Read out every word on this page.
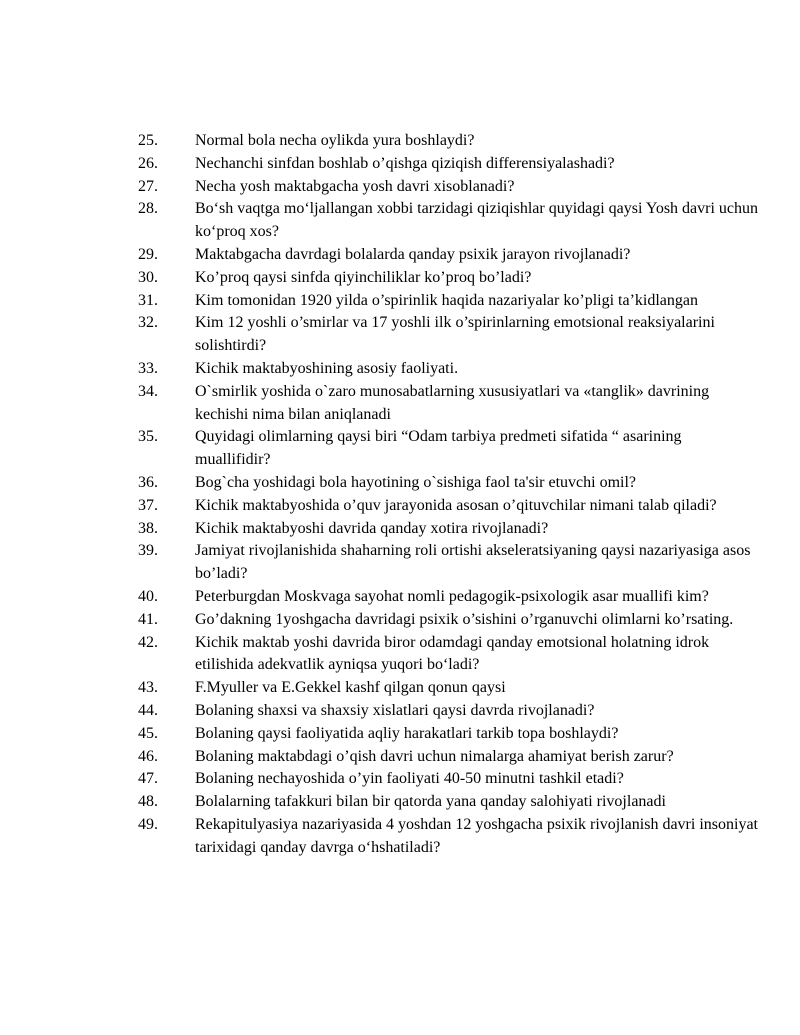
25.	Normal bola necha oylikda yura boshlaydi?
26.	Nechanchi sinfdan boshlab o’qishga qiziqish differensiyalashadi?
27.	Necha yosh maktabgacha yosh davri xisoblanadi?
28.	Bo‘sh vaqtga mo‘ljallangan xobbi tarzidagi qiziqishlar quyidagi qaysi Yosh davri uchun ko‘proq xos?
29.	Maktabgacha davrdagi bolalarda qanday psixik jarayon rivojlanadi?
30.	Ko’proq qaysi sinfda qiyinchiliklar ko’proq bo’ladi?
31.	Kim tomonidan 1920 yilda o’spirinlik haqida nazariyalar ko’pligi ta’kidlangan
32.	Kim 12 yoshli o’smirlar va 17 yoshli ilk o’spirinlarning emotsional reaksiyalarini solishtirdi?
33.	Kichik maktabyoshining asosiy faoliyati.
34.	O`smirlik yoshida o`zaro munosabatlarning xususiyatlari va «tanglik» davrining kechishi nima bilan aniqlanadi
35.	Quyidagi olimlarning qaysi biri “Odam tarbiya predmeti sifatida “ asarining muallifidir?
36.	Bog`cha yoshidagi bola hayotining o`sishiga faol ta'sir etuvchi omil?
37.	Kichik maktabyoshida o’quv jarayonida asosan o’qituvchilar nimani talab qiladi?
38.	Kichik maktabyoshi davrida qanday xotira rivojlanadi?
39.	Jamiyat rivojlanishida shaharning roli ortishi akseleratsiyaning qaysi nazariyasiga asos bo’ladi?
40.	Peterburgdan Moskvaga sayohat nomli pedagogik-psixologik asar muallifi kim?
41.	Go’dakning 1yoshgacha davridagi psixik o’sishini o’rganuvchi olimlarni ko’rsating.
42.	Kichik maktab yoshi davrida biror odamdagi qanday emotsional holatning idrok etilishida adekvatlik ayniqsa yuqori bo‘ladi?
43.	F.Myuller va E.Gekkel kashf qilgan qonun qaysi
44.	Bolaning shaxsi va shaxsiy xislatlari qaysi davrda rivojlanadi?
45.	Bolaning qaysi faoliyatida aqliy harakatlari tarkib topa boshlaydi?
46.	Bolaning maktabdagi o’qish davri uchun nimalarga ahamiyat berish zarur?
47.	Bolaning nechayoshida o’yin faoliyati 40-50 minutni tashkil etadi?
48.	Bolalarning tafakkuri bilan bir qatorda yana qanday salohiyati rivojlanadi
49.	Rekapitulyasiya nazariyasida 4 yoshdan 12 yoshgacha psixik rivojlanish davri insoniyat tarixidagi qanday davrga o‘hshatiladi?
